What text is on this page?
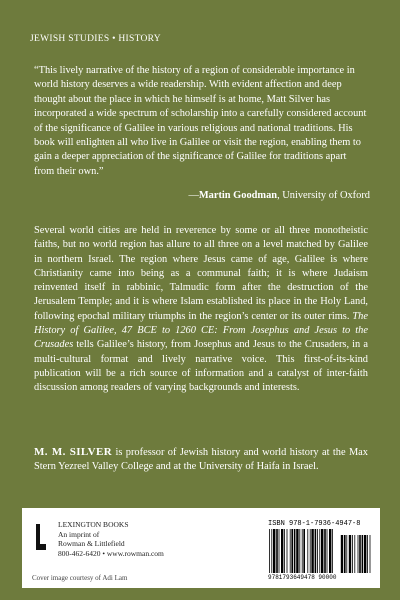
JEWISH STUDIES • HISTORY
“This lively narrative of the history of a region of considerable importance in world history deserves a wide readership. With evident affection and deep thought about the place in which he himself is at home, Matt Silver has incorporated a wide spectrum of scholarship into a carefully considered account of the significance of Galilee in various religious and national traditions. His book will enlighten all who live in Galilee or visit the region, enabling them to gain a deeper appreciation of the significance of Galilee for traditions apart from their own.”
—Martin Goodman, University of Oxford
Several world cities are held in reverence by some or all three monotheistic faiths, but no world region has allure to all three on a level matched by Galilee in northern Israel. The region where Jesus came of age, Galilee is where Christianity came into being as a communal faith; it is where Judaism reinvented itself in rabbinic, Talmudic form after the destruction of the Jerusalem Temple; and it is where Islam established its place in the Holy Land, following epochal military triumphs in the region’s center or its outer rims. The History of Galilee, 47 BCE to 1260 CE: From Josephus and Jesus to the Crusades tells Galilee’s history, from Josephus and Jesus to the Crusaders, in a multi-cultural format and lively narrative voice. This first-of-its-kind publication will be a rich source of information and a catalyst of inter-faith discussion among readers of varying backgrounds and interests.
M. M. SILVER is professor of Jewish history and world history at the Max Stern Yezreel Valley College and at the University of Haifa in Israel.
LEXINGTON BOOKS
An imprint of
Rowman & Littlefield
800-462-6420 • www.rowman.com
Cover image courtesy of Adi Lam
ISBN 978-1-7936-4947-8
9781793649478 90000
